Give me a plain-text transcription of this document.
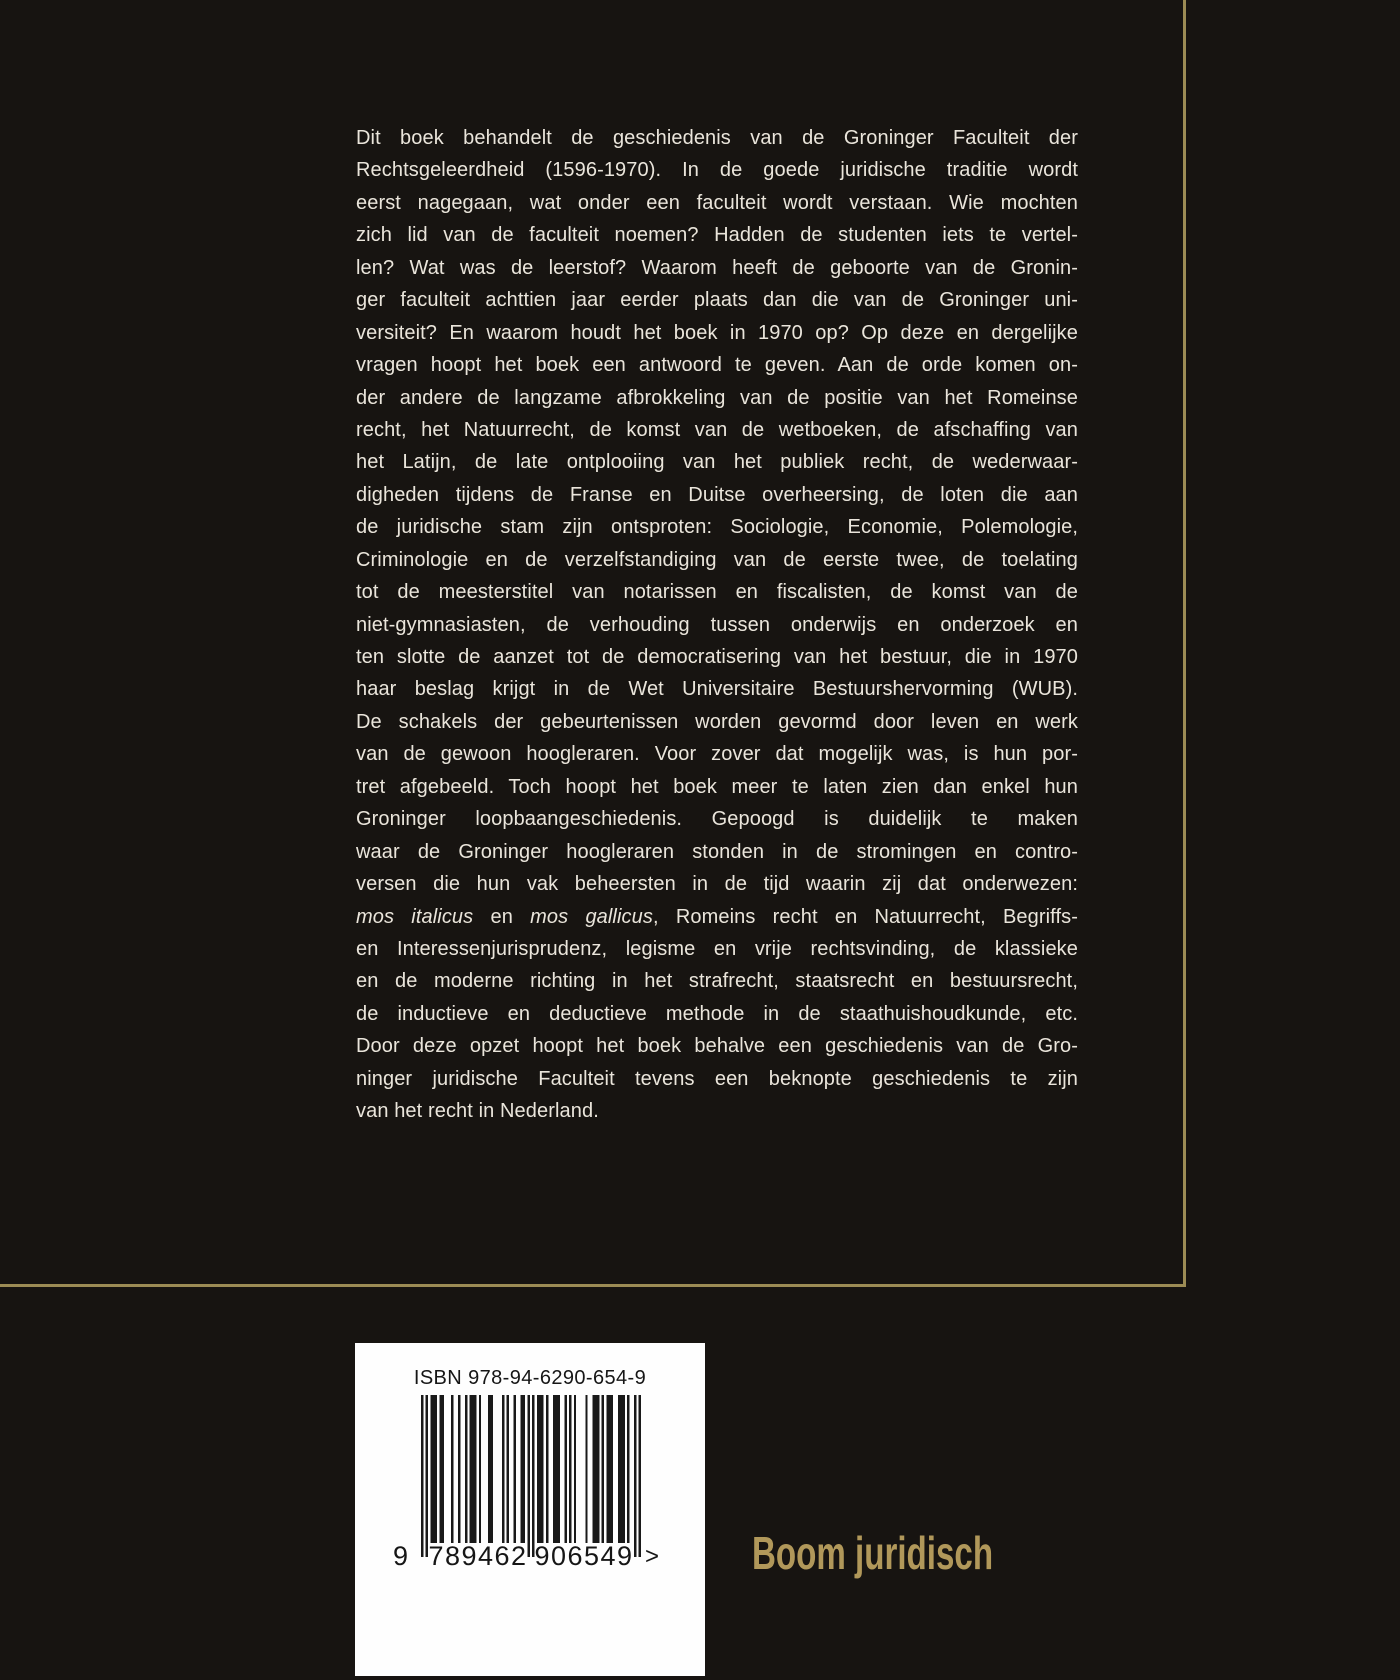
Dit boek behandelt de geschiedenis van de Groninger Faculteit der
Rechtsgeleerdheid (1596-1970). In de goede juridische traditie wordt
eerst nagegaan, wat onder een faculteit wordt verstaan. Wie mochten
zich lid van de faculteit noemen? Hadden de studenten iets te vertel-
len? Wat was de leerstof? Waarom heeft de geboorte van de Gronin-
ger faculteit achttien jaar eerder plaats dan die van de Groninger uni-
versiteit? En waarom houdt het boek in 1970 op? Op deze en dergelijke
vragen hoopt het boek een antwoord te geven. Aan de orde komen on-
der andere de langzame afbrokkeling van de positie van het Romeinse
recht, het Natuurrecht, de komst van de wetboeken, de afschaffing van
het Latijn, de late ontplooiing van het publiek recht, de wederwaar-
digheden tijdens de Franse en Duitse overheersing, de loten die aan
de juridische stam zijn ontsproten: Sociologie, Economie, Polemologie,
Criminologie en de verzelfstandiging van de eerste twee, de toelating
tot de meesterstitel van notarissen en fiscalisten, de komst van de
niet-gymnasiasten, de verhouding tussen onderwijs en onderzoek en
ten slotte de aanzet tot de democratisering van het bestuur, die in 1970
haar beslag krijgt in de Wet Universitaire Bestuurshervorming (WUB).
De schakels der gebeurtenissen worden gevormd door leven en werk
van de gewoon hoogleraren. Voor zover dat mogelijk was, is hun por-
tret afgebeeld. Toch hoopt het boek meer te laten zien dan enkel hun
Groninger loopbaangeschiedenis. Gepoogd is duidelijk te maken
waar de Groninger hoogleraren stonden in de stromingen en contro-
versen die hun vak beheersten in de tijd waarin zij dat onderwezen:
mos italicus en mos gallicus, Romeins recht en Natuurrecht, Begriffs-
en Interessenjurisprudenz, legisme en vrije rechtsvinding, de klassieke
en de moderne richting in het strafrecht, staatsrecht en bestuursrecht,
de inductieve en deductieve methode in de staathuishoudkunde, etc.
Door deze opzet hoopt het boek behalve een geschiedenis van de Gro-
ninger juridische Faculteit tevens een beknopte geschiedenis te zijn
van het recht in Nederland.
ISBN 978-94-6290-654-9
9 789462 906549 > Boom juridisch
